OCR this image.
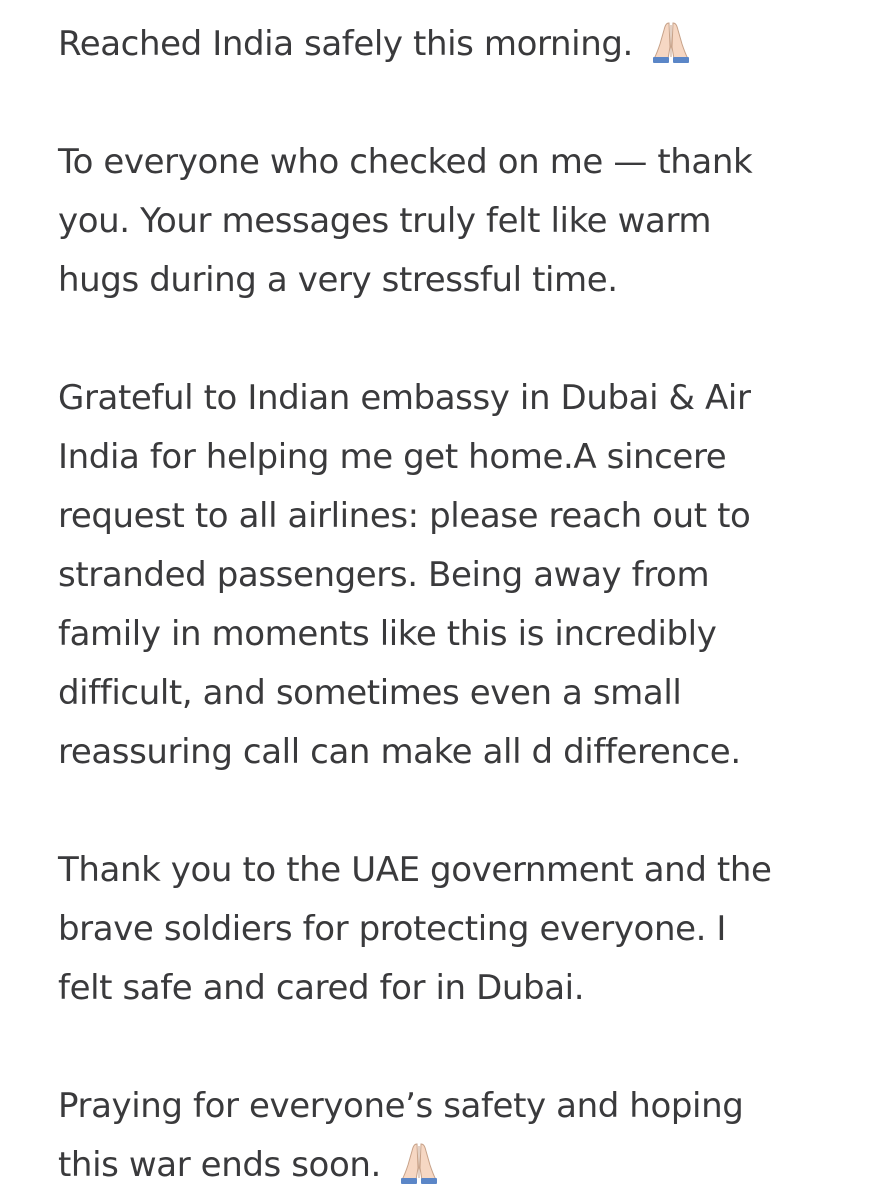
Reached India safely this morning.

To everyone who checked on me — thank
you. Your messages truly felt like warm
hugs during a very stressful time.

Grateful to Indian embassy in Dubai & Air
India for helping me get home.A sincere
request to all airlines: please reach out to
stranded passengers. Being away from
family in moments like this is incredibly
difficult, and sometimes even a small
reassuring call can make all d difference.

Thank you to the UAE government and the
brave soldiers for protecting everyone. I
felt safe and cared for in Dubai.

Praying for everyone’s safety and hoping
this war ends soon.
